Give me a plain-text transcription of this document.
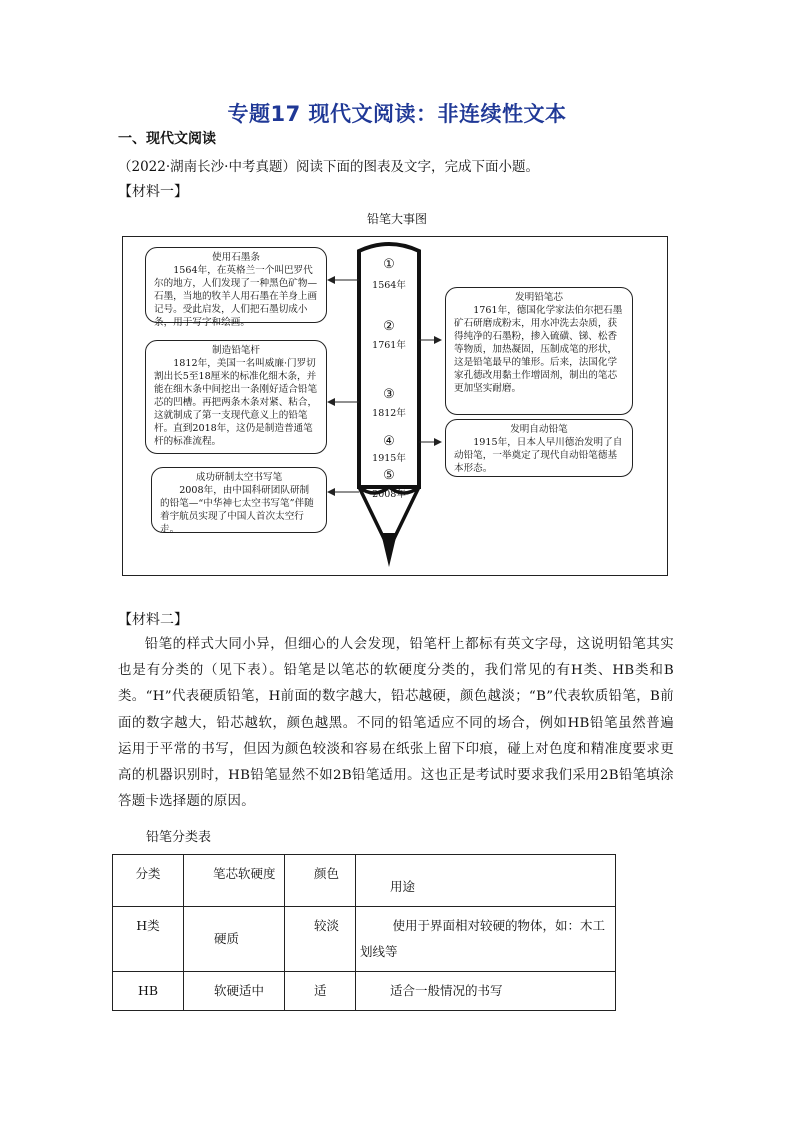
专题17 现代文阅读：非连续性文本
一、现代文阅读
（2022·湖南长沙·中考真题）阅读下面的图表及文字，完成下面小题。
【材料一】
铅笔大事图
①
1564年
②
1761年
③
1812年
④
1915年
⑤
2008年
使用石墨条
1564年，在英格兰一个叫巴罗代尔的地方，人们发现了一种黑色矿物—石墨，当地的牧羊人用石墨在羊身上画记号。受此启发，人们把石墨切成小条，用于写字和绘画。
发明铅笔芯
1761年，德国化学家法伯尔把石墨矿石研磨成粉末，用水冲洗去杂质，获得纯净的石墨粉，掺入硫磺、锑、松香等物质，加热凝固，压制成笔的形状，这是铅笔最早的雏形。后来，法国化学家孔德改用黏土作增固剂，制出的笔芯更加坚实耐磨。
制造铅笔杆
1812年，美国一名叫威廉·门罗切割出长5至18厘米的标准化细木条，并能在细木条中间挖出一条刚好适合铅笔芯的凹槽。再把两条木条对紧、粘合，这就制成了第一支现代意义上的铅笔杆。直到2018年，这仍是制造普通笔杆的标准流程。
发明自动铅笔
1915年，日本人早川德治发明了自动铅笔，一举奠定了现代自动铅笔德基本形态。
成功研制太空书写笔
2008年，由中国科研团队研制的铅笔—“中华神七太空书写笔”伴随着宇航员实现了中国人首次太空行走。
【材料二】
铅笔的样式大同小异，但细心的人会发现，铅笔杆上都标有英文字母，这说明铅笔其实也是有分类的（见下表）。铅笔是以笔芯的软硬度分类的，我们常见的有H类、HB类和B类。“H”代表硬质铅笔，H前面的数字越大，铅芯越硬，颜色越淡；“B”代表软质铅笔，B前面的数字越大，铅芯越软，颜色越黑。不同的铅笔适应不同的场合，例如HB铅笔虽然普遍运用于平常的书写，但因为颜色较淡和容易在纸张上留下印痕，碰上对色度和精准度要求更高的机器识别时，HB铅笔显然不如2B铅笔适用。这也正是考试时要求我们采用2B铅笔填涂答题卡选择题的原因。
铅笔分类表
分类	笔芯软硬度	颜色	用途

H类	硬质	较淡	使用于界面相对较硬的物体，如：木工划线等

HB	软硬适中	适	适合一般情况的书写
